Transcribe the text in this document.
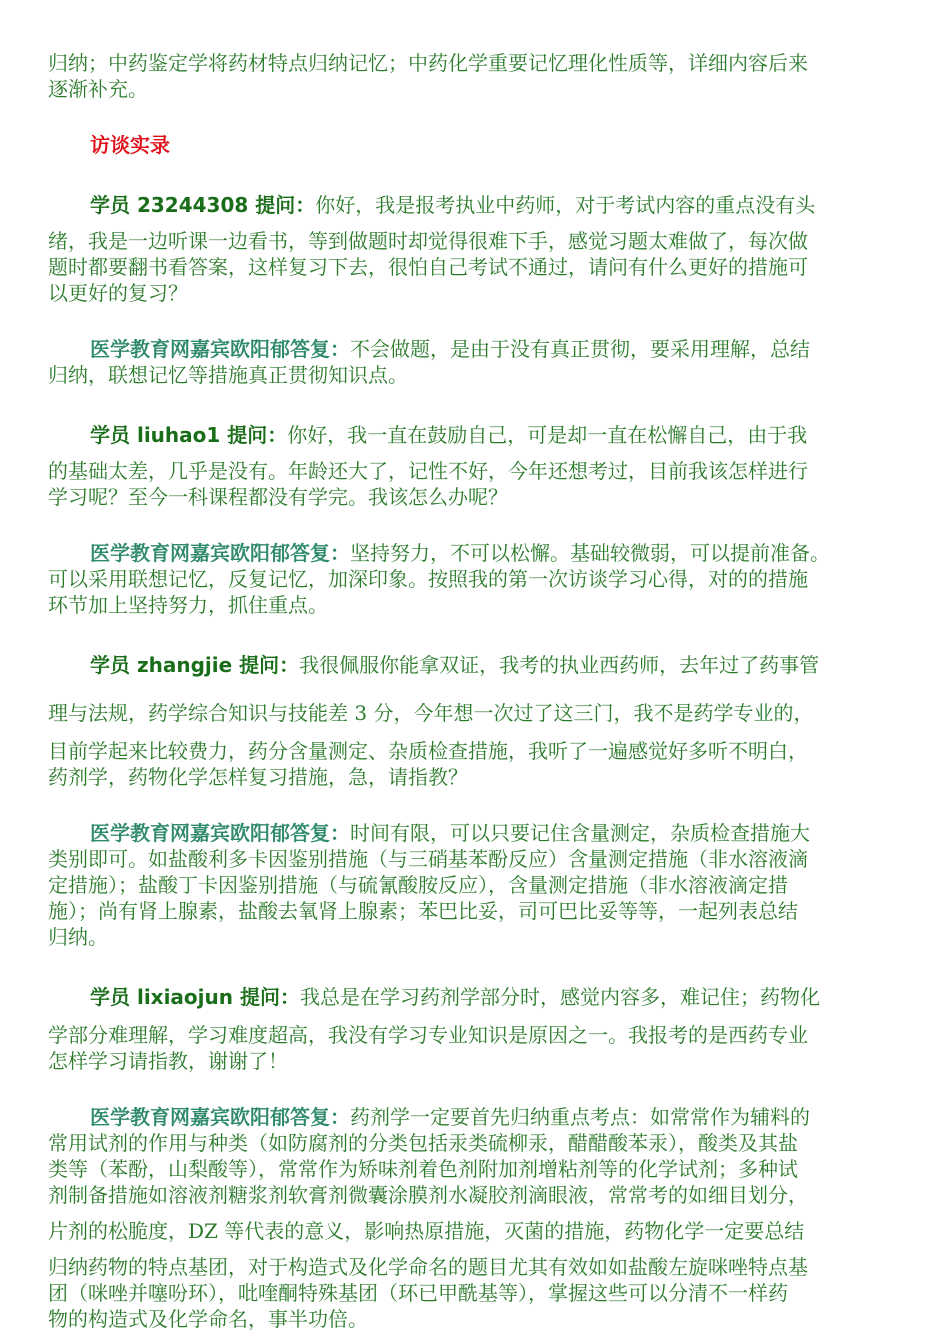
归纳；中药鉴定学将药材特点归纳记忆；中药化学重要记忆理化性质等，详细内容后来
逐渐补充。
访谈实录
学员 23244308 提问：你好，我是报考执业中药师，对于考试内容的重点没有头
绪，我是一边听课一边看书，等到做题时却觉得很难下手，感觉习题太难做了，每次做
题时都要翻书看答案，这样复习下去，很怕自己考试不通过，请问有什么更好的措施可
以更好的复习？
医学教育网嘉宾欧阳郁答复：不会做题，是由于没有真正贯彻，要采用理解，总结
归纳，联想记忆等措施真正贯彻知识点。
学员 liuhao1 提问：你好，我一直在鼓励自己，可是却一直在松懈自己，由于我
的基础太差，几乎是没有。年龄还大了，记性不好，今年还想考过，目前我该怎样进行
学习呢？至今一科课程都没有学完。我该怎么办呢？
医学教育网嘉宾欧阳郁答复：坚持努力，不可以松懈。基础较微弱，可以提前准备。
可以采用联想记忆，反复记忆，加深印象。按照我的第一次访谈学习心得，对的的措施
环节加上坚持努力，抓住重点。
学员 zhangjie 提问：我很佩服你能拿双证，我考的执业西药师，去年过了药事管
理与法规，药学综合知识与技能差 3 分，今年想一次过了这三门，我不是药学专业的，
目前学起来比较费力，药分含量测定、杂质检查措施，我听了一遍感觉好多听不明白，
药剂学，药物化学怎样复习措施，急，请指教？
医学教育网嘉宾欧阳郁答复：时间有限，可以只要记住含量测定，杂质检查措施大
类别即可。如盐酸利多卡因鉴别措施（与三硝基苯酚反应）含量测定措施（非水溶液滴
定措施）；盐酸丁卡因鉴别措施（与硫氰酸胺反应），含量测定措施（非水溶液滴定措
施）；尚有肾上腺素，盐酸去氧肾上腺素；苯巴比妥，司可巴比妥等等，一起列表总结
归纳。
学员 lixiaojun 提问：我总是在学习药剂学部分时，感觉内容多，难记住；药物化
学部分难理解，学习难度超高，我没有学习专业知识是原因之一。我报考的是西药专业
怎样学习请指教，谢谢了！
医学教育网嘉宾欧阳郁答复：药剂学一定要首先归纳重点考点：如常常作为辅料的
常用试剂的作用与种类（如防腐剂的分类包括汞类硫柳汞，醋醋酸苯汞），酸类及其盐
类等（苯酚，山梨酸等），常常作为矫味剂着色剂附加剂增粘剂等的化学试剂；多种试
剂制备措施如溶液剂糖浆剂软膏剂微囊涂膜剂水凝胶剂滴眼液，常常考的如细目划分，
片剂的松脆度，DZ 等代表的意义，影响热原措施，灭菌的措施，药物化学一定要总结
归纳药物的特点基团，对于构造式及化学命名的题目尤其有效如如盐酸左旋咪唑特点基
团（咪唑并噻吩环），吡喹酮特殊基团（环已甲酰基等），掌握这些可以分清不一样药
物的构造式及化学命名，事半功倍。
